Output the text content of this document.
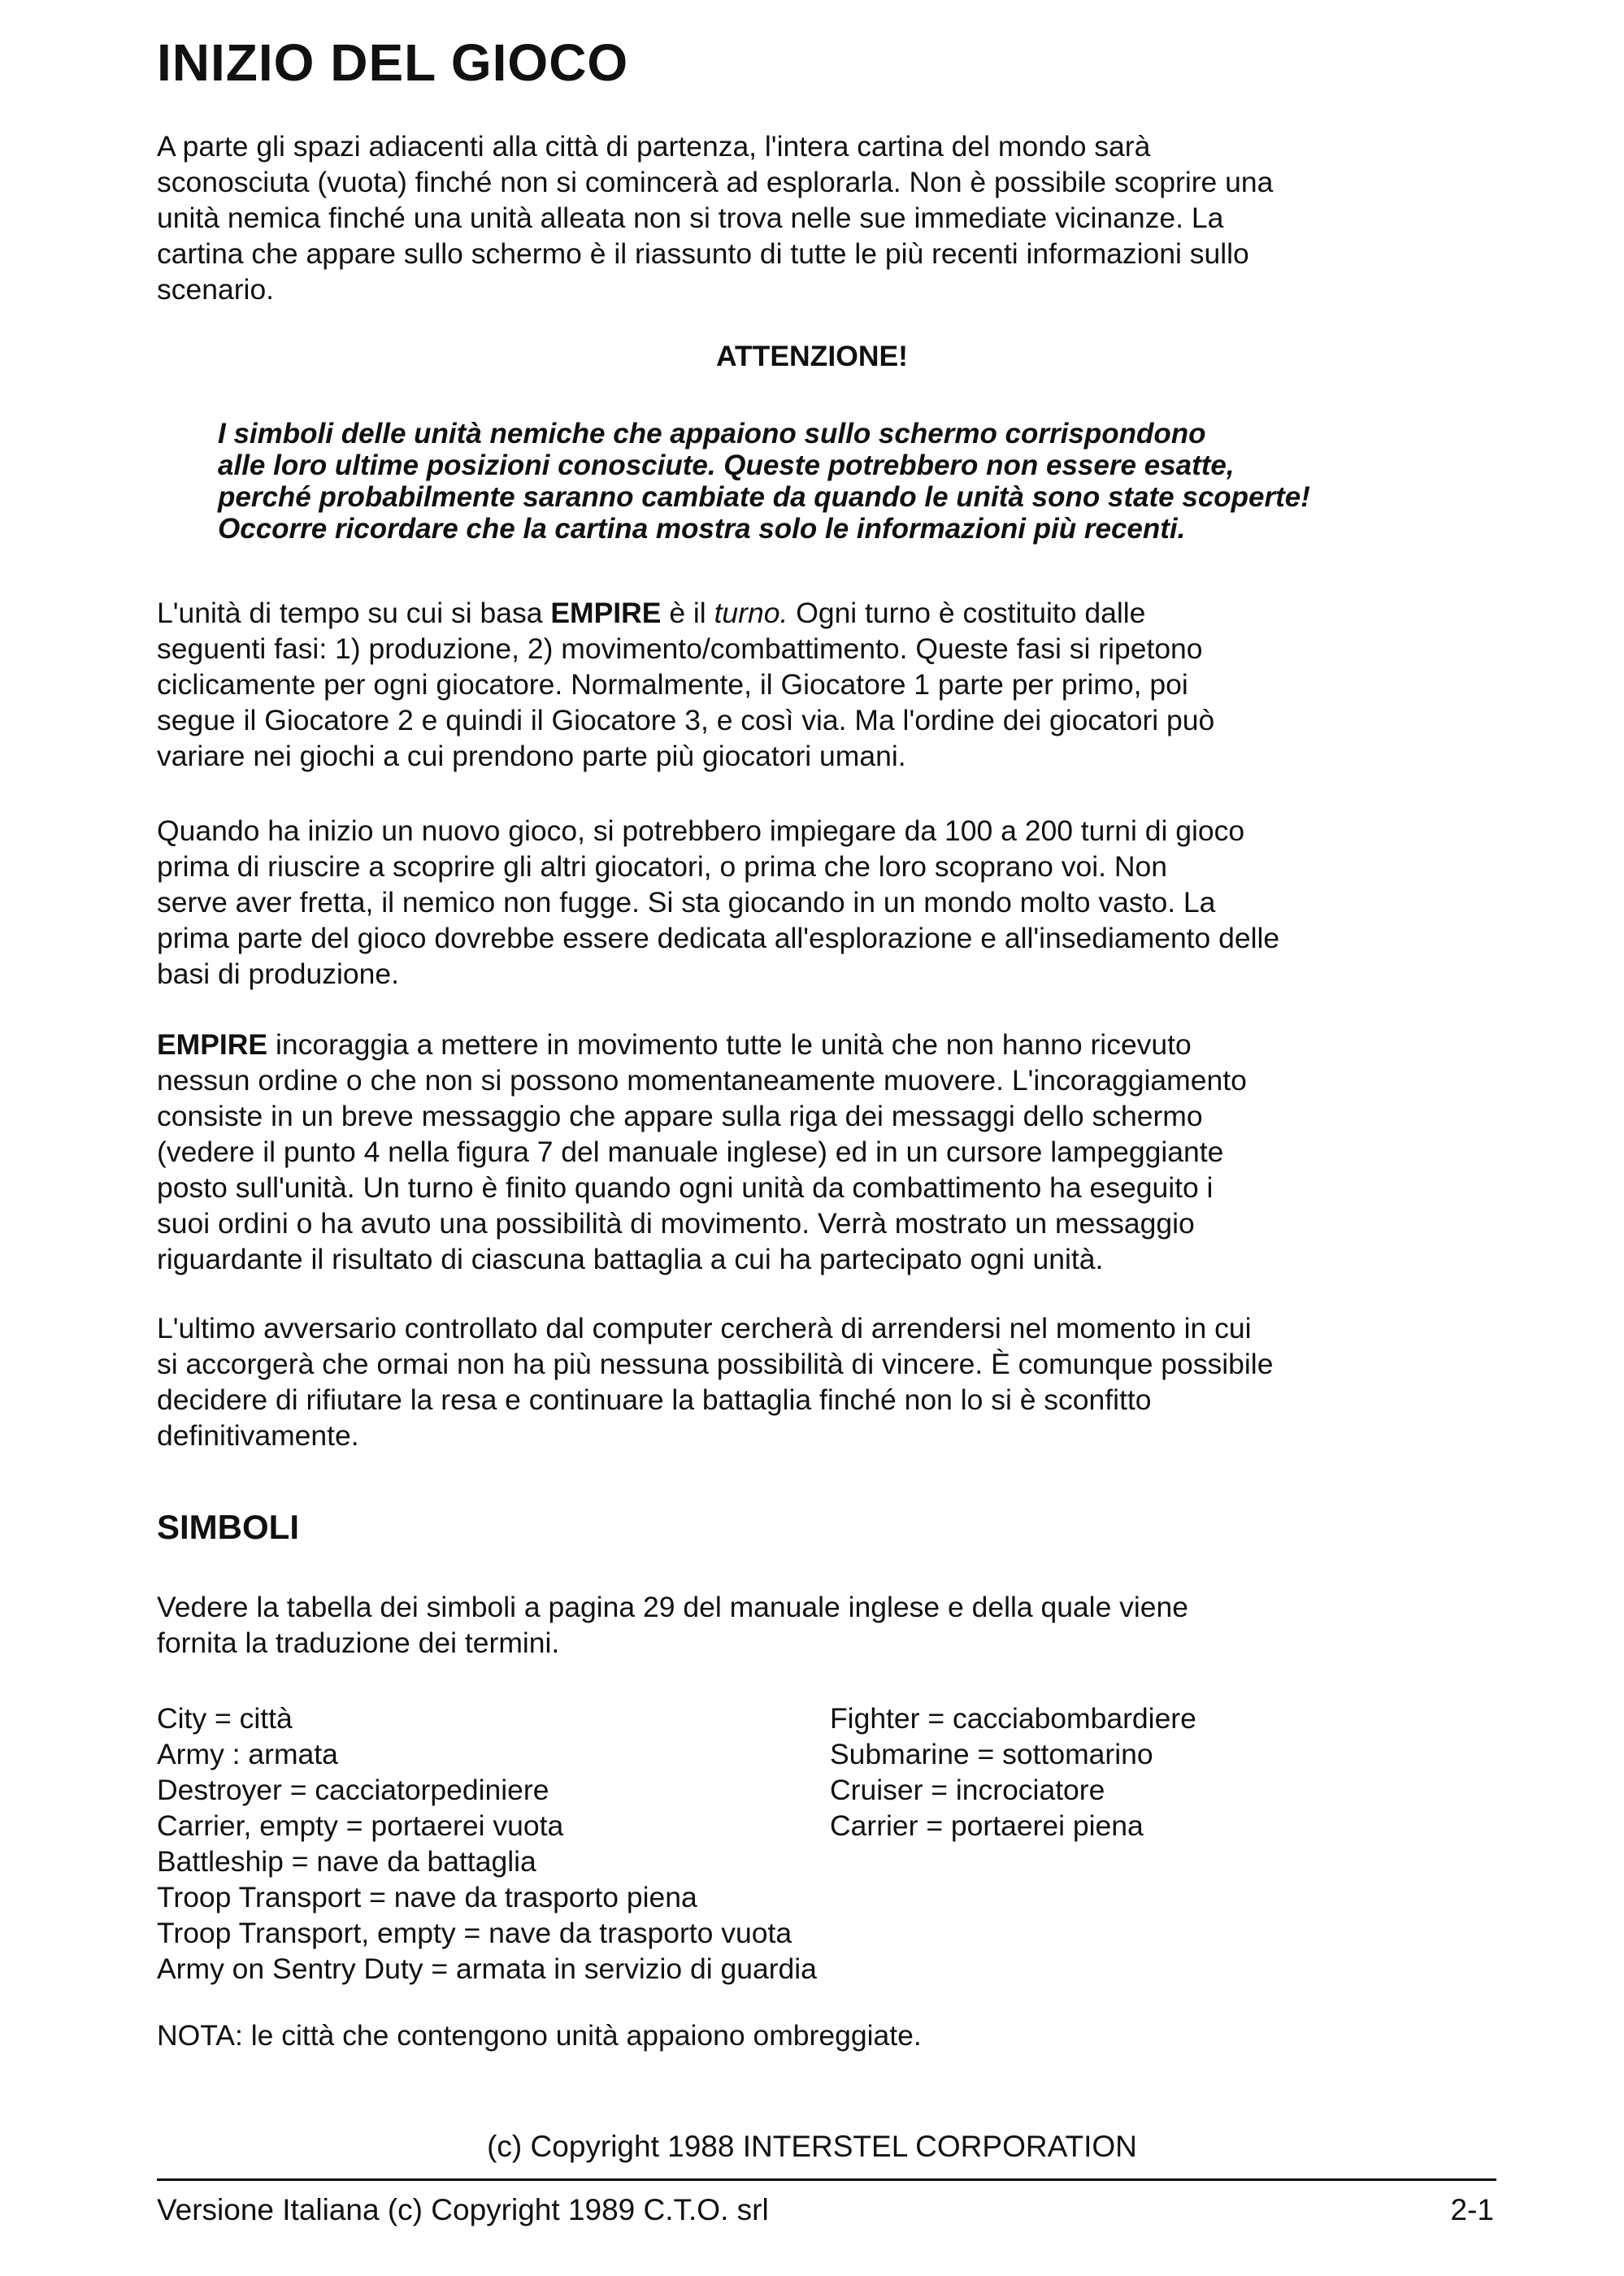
INIZIO DEL GIOCO
A parte gli spazi adiacenti alla città di partenza, l'intera cartina del mondo sarà
sconosciuta (vuota) finché non si comincerà ad esplorarla. Non è possibile scoprire una
unità nemica finché una unità alleata non si trova nelle sue immediate vicinanze. La
cartina che appare sullo schermo è il riassunto di tutte le più recenti informazioni sullo
scenario.
ATTENZIONE!
I simboli delle unità nemiche che appaiono sullo schermo corrispondono
alle loro ultime posizioni conosciute. Queste potrebbero non essere esatte,
perché probabilmente saranno cambiate da quando le unità sono state scoperte!
Occorre ricordare che la cartina mostra solo le informazioni più recenti.
L'unità di tempo su cui si basa EMPIRE è il turno. Ogni turno è costituito dalle
seguenti fasi: 1) produzione, 2) movimento/combattimento. Queste fasi si ripetono
ciclicamente per ogni giocatore. Normalmente, il Giocatore 1 parte per primo, poi
segue il Giocatore 2 e quindi il Giocatore 3, e così via. Ma l'ordine dei giocatori può
variare nei giochi a cui prendono parte più giocatori umani.
Quando ha inizio un nuovo gioco, si potrebbero impiegare da 100 a 200 turni di gioco
prima di riuscire a scoprire gli altri giocatori, o prima che loro scoprano voi. Non
serve aver fretta, il nemico non fugge. Si sta giocando in un mondo molto vasto. La
prima parte del gioco dovrebbe essere dedicata all'esplorazione e all'insediamento delle
basi di produzione.
EMPIRE incoraggia a mettere in movimento tutte le unità che non hanno ricevuto
nessun ordine o che non si possono momentaneamente muovere. L'incoraggiamento
consiste in un breve messaggio che appare sulla riga dei messaggi dello schermo
(vedere il punto 4 nella figura 7 del manuale inglese) ed in un cursore lampeggiante
posto sull'unità. Un turno è finito quando ogni unità da combattimento ha eseguito i
suoi ordini o ha avuto una possibilità di movimento. Verrà mostrato un messaggio
riguardante il risultato di ciascuna battaglia a cui ha partecipato ogni unità.
L'ultimo avversario controllato dal computer cercherà di arrendersi nel momento in cui
si accorgerà che ormai non ha più nessuna possibilità di vincere. È comunque possibile
decidere di rifiutare la resa e continuare la battaglia finché non lo si è sconfitto
definitivamente.
SIMBOLI
Vedere la tabella dei simboli a pagina 29 del manuale inglese e della quale viene
fornita la traduzione dei termini.
City = città
Army : armata
Destroyer = cacciatorpediniere
Carrier, empty = portaerei vuota
Battleship = nave da battaglia
Troop Transport = nave da trasporto piena
Troop Transport, empty = nave da trasporto vuota
Army on Sentry Duty = armata in servizio di guardia
Fighter = cacciabombardiere
Submarine = sottomarino
Cruiser = incrociatore
Carrier = portaerei piena
NOTA: le città che contengono unità appaiono ombreggiate.
(c) Copyright 1988 INTERSTEL CORPORATION
Versione Italiana (c) Copyright 1989 C.T.O. srl	2-1
